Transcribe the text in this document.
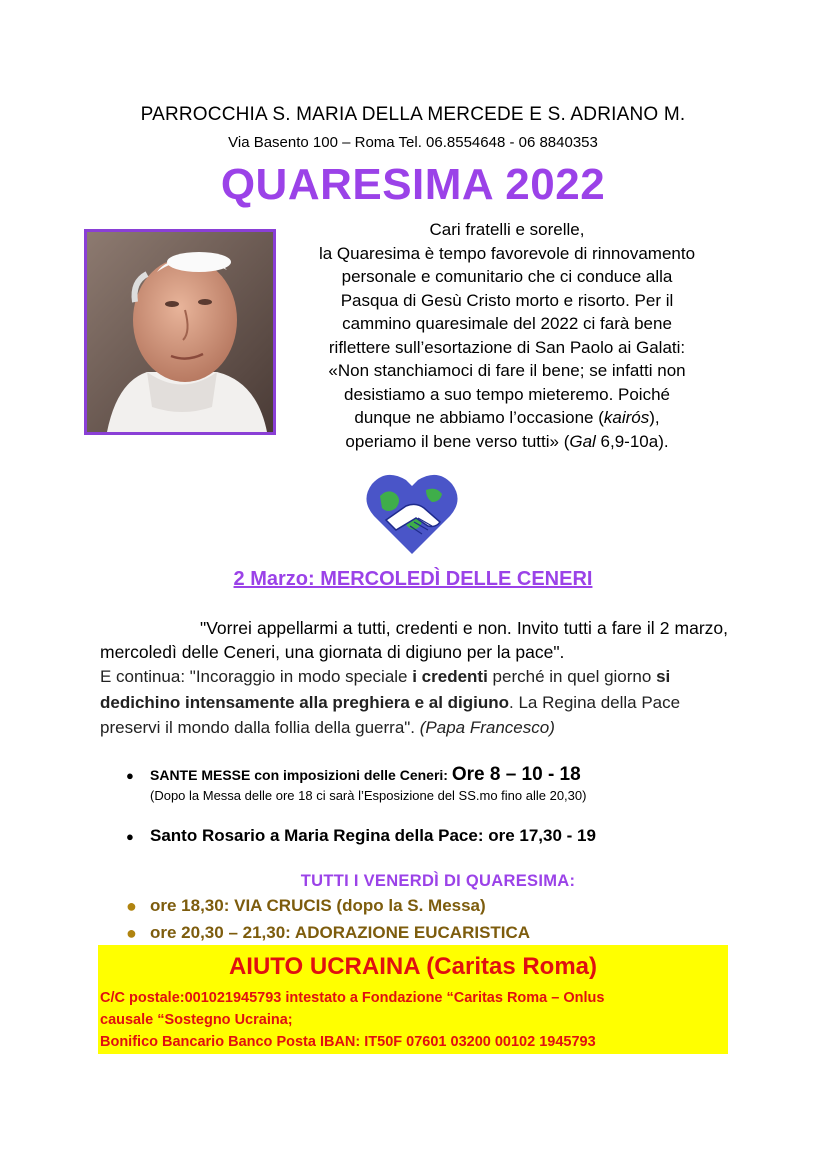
PARROCCHIA S. MARIA DELLA MERCEDE E S. ADRIANO M.
Via Basento 100 – Roma Tel. 06.8554648 - 06 8840353
QUARESIMA 2022
Cari fratelli e sorelle,
la Quaresima è tempo favorevole di rinnovamento
personale e comunitario che ci conduce alla
Pasqua di Gesù Cristo morto e risorto. Per il
cammino quaresimale del 2022 ci farà bene
riflettere sull’esortazione di San Paolo ai Galati:
«Non stanchiamoci di fare il bene; se infatti non
desistiamo a suo tempo mieteremo. Poiché
dunque ne abbiamo l’occasione (kairós),
operiamo il bene verso tutti» (Gal 6,9-10a).
2 Marzo: MERCOLEDÌ DELLE CENERI

"Vorrei appellarmi a tutti, credenti e non. Invito tutti a fare il 2 marzo, mercoledì delle Ceneri, una giornata di digiuno per la pace".

E continua: "Incoraggio in modo speciale i credenti perché in quel giorno si dedichino intensamente alla preghiera e al digiuno. La Regina della Pace preservi il mondo dalla follia della guerra". (Papa Francesco)

●	SANTE MESSE con imposizioni delle Ceneri: Ore 8 – 10 - 18
(Dopo la Messa delle ore 18 ci sarà l’Esposizione del SS.mo fino alle 20,30)
● Santo Rosario a Maria Regina della Pace: ore 17,30 - 19
TUTTI I VENERDÌ DI QUARESIMA:
● ore 18,30: VIA CRUCIS (dopo la S. Messa)
● ore 20,30 – 21,30: ADORAZIONE EUCARISTICA
AIUTO UCRAINA (Caritas Roma)
C/C postale:001021945793 intestato a Fondazione “Caritas Roma – Onlus
causale “Sostegno Ucraina;
Bonifico Bancario Banco Posta IBAN: IT50F 07601 03200 00102 1945793
